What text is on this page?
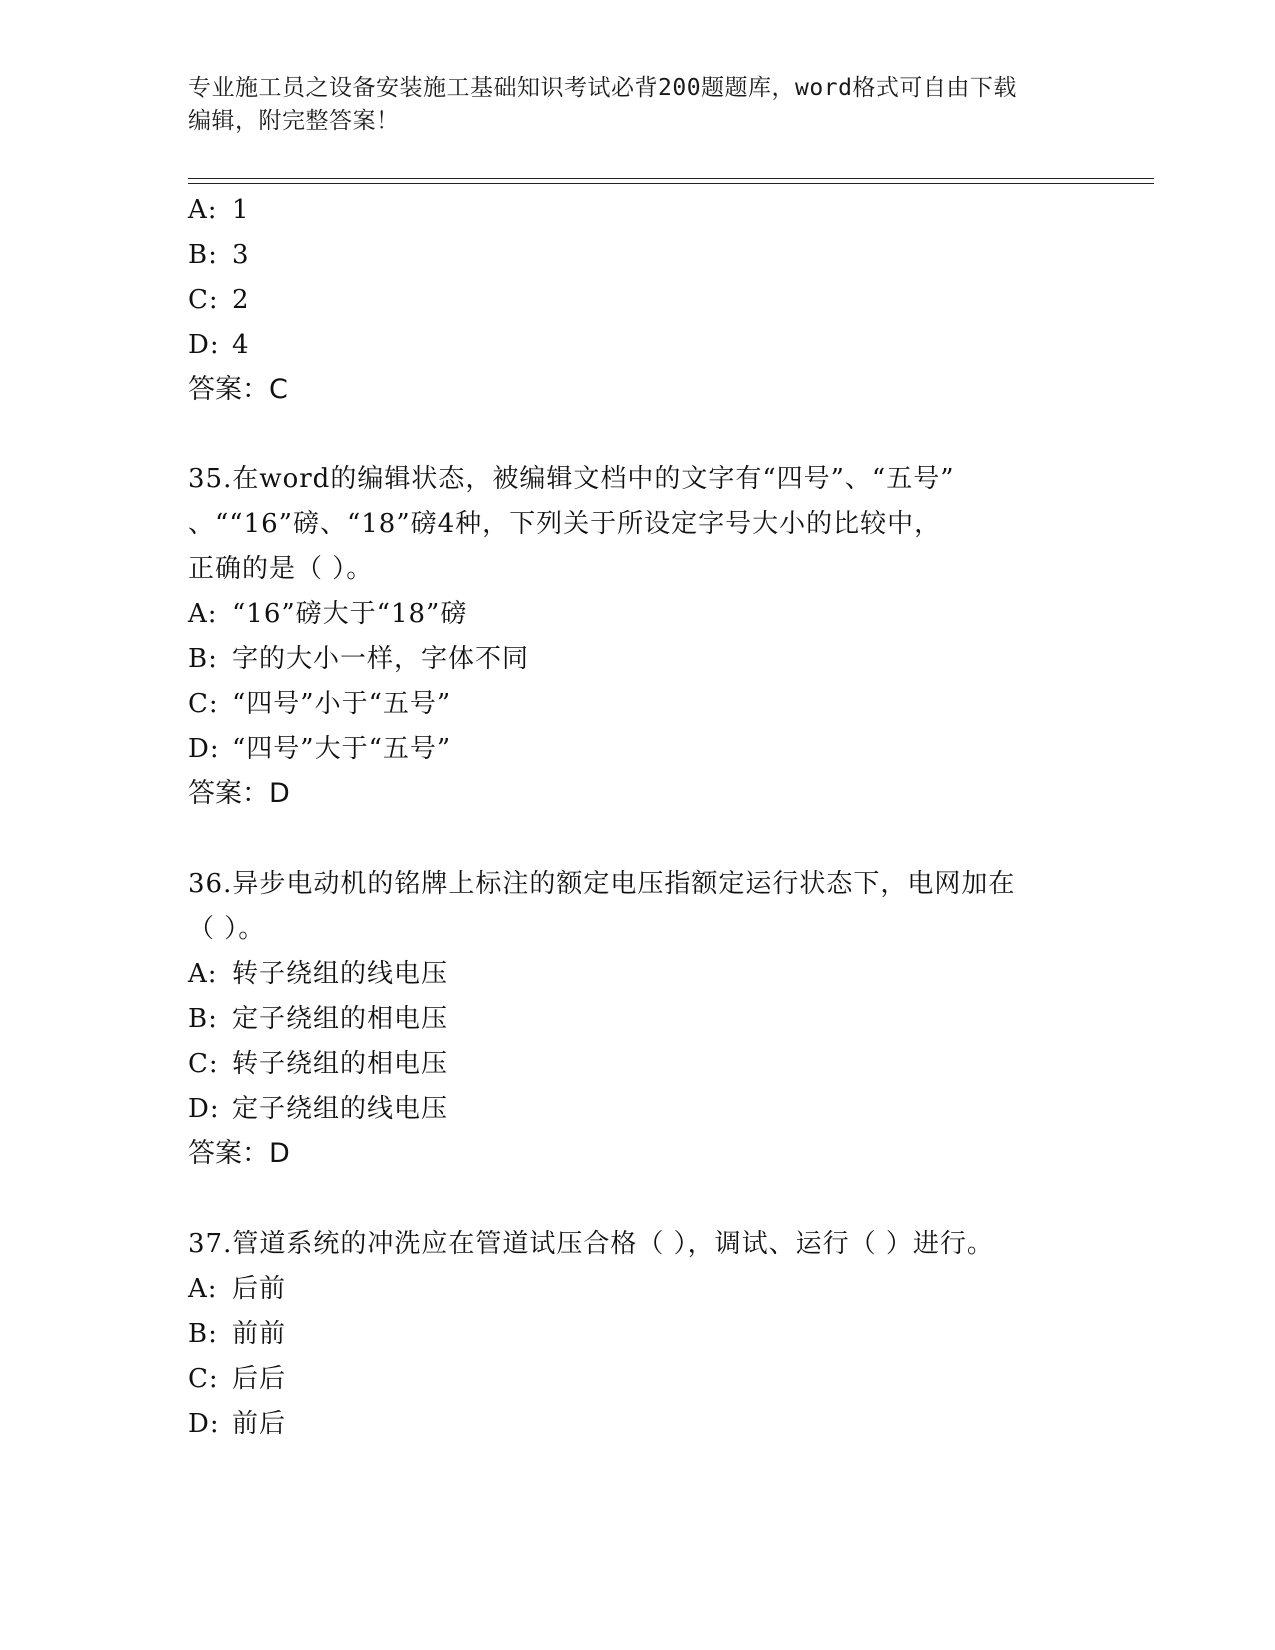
专业施工员之设备安装施工基础知识考试必背200题题库，word格式可自由下载
编辑，附完整答案！
A: 1
B: 3
C: 2
D: 4
答案：C
35.在word的编辑状态，被编辑文档中的文字有“四号”、“五号”
、““16”磅、“18”磅4种，下列关于所设定字号大小的比较中，
正确的是（ ）。
A: “16”磅大于“18”磅
B: 字的大小一样，字体不同
C: “四号”小于“五号”
D: “四号”大于“五号”
答案：D
36.异步电动机的铭牌上标注的额定电压指额定运行状态下，电网加在
（ ）。
A: 转子绕组的线电压
B: 定子绕组的相电压
C: 转子绕组的相电压
D: 定子绕组的线电压
答案：D
37.管道系统的冲洗应在管道试压合格（ ），调试、运行（ ）进行。
A: 后前
B: 前前
C: 后后
D: 前后
